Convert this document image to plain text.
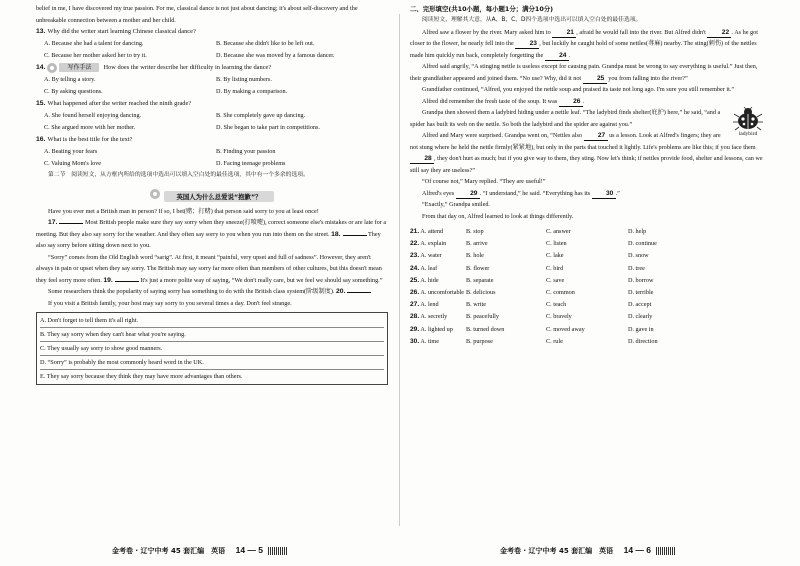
belief in me, I have discovered my true passion. For me, classical dance is not just about dancing; it's about self-discovery and the unbreakable connection between a mother and her child.

13. Why did the writer start learning Chinese classical dance?

A. Because she had a talent for dancing.	B. Because she didn't like to be left out.
C. Because her mother asked her to try it.	D. Because she was moved by a famous dancer.

14.	写作手法	How does the writer describe her difficulty in learning the dance?

A. By telling a story.	B. By listing numbers.
C. By asking questions.	D. By making a comparison.

15. What happened after the writer reached the ninth grade?

A. She found herself enjoying dancing.	B. She completely gave up dancing.
C. She argued more with her mother.	D. She began to take part in competitions.

16. What is the best title for the text?

A. Beating your fears	B. Finding your passion
C. Valuing Mom's love	D. Facing teenage problems

第二节　阅读短文，从方框内所给的选项中选出可以填入空白处的最佳选项，其中有一个多余的选项。

英国人为什么总爱说“抱歉”？

Have you ever met a British man in person? If so, I bet(赌；打赌) that person said sorry to you at least once!

17.	Most British people make sure they say sorry when they sneeze(打喷嚏), correct someone else's mistakes or are late for a meeting. But they also say sorry for the weather. And they often say sorry to you when you run into them on the street. 18.	They also say sorry before sitting down next to you.

“Sorry” comes from the Old English word “sarig”. At first, it meant “painful, very upset and full of sadness”. However, they aren't always in pain or upset when they say sorry. The British may say sorry far more often than members of other cultures, but this doesn't mean they feel sorry more often. 19.	It's just a more polite way of saying, “We don't really care, but we feel we should say something.”

Some researchers think the popularity of saying sorry has something to do with the British class system(阶级制度). 20.

If you visit a British family, your host may say sorry to you several times a day. Don't feel strange.

A. Don't forget to tell them it's all right.
B. They say sorry when they can't hear what you're saying.
C. They usually say sorry to show good manners.
D. “Sorry” is probably the most commonly heard word in the UK.
E. They say sorry because they think they may have more advantages than others.

二、完形填空(共10小题，每小题1分；满分10分)

阅读短文，理解其大意，从A、B、C、D四个选项中选出可以填入空白处的最佳选项。

Alfred saw a flower by the river. Mary asked him to 21 , afraid he would fall into the river. But Alfred didn't 22 . As he got closer to the flower, he nearly fell into the 23 , but luckily he caught hold of some nettles(荨麻) nearby. The sting(刺伤) of the nettles made him quickly run back, completely forgetting the 24 .

Alfred said angrily, “A stinging nettle is useless except for causing pain. Grandpa must be wrong to say everything is useful.” Just then, their grandfather appeared and joined them. “No use? Why, did it not 25 you from falling into the river?”

Grandfather continued, “Alfred, you enjoyed the nettle soup and praised its taste not long ago. I'm sure you still remember it.”

Alfred did remember the fresh taste of the soup. It was 26 .

ladybird

Grandpa then showed them a ladybird hiding under a nettle leaf. “The ladybird finds shelter(庇护) here,” he said, “and a spider has built its web on the nettle. So both the ladybird and the spider are against you.”

Alfred and Mary were surprised. Grandpa went on, “Nettles also 27 us a lesson. Look at Alfred's fingers; they are not stung where he held the nettle firmly(紧紧地), but only in the parts that touched it lightly. Life's problems are like this; if you face them 28 , they don't hurt as much; but if you give way to them, they sting. Now let's think; if nettles provide food, shelter and lessons, can we still say they are useless?”

“Of course not,” Mary replied. “They are useful!”

Alfred's eyes 29 . “I understand,” he said. “Everything has its 30 .”

“Exactly,” Grandpa smiled.

From that day on, Alfred learned to look at things differently.

21. A. attend	B. stop	C. answer	D. help
22. A. explain	B. arrive	C. listen	D. continue
23. A. water	B. hole	C. lake	D. snow
24. A. leaf	B. flower	C. bird	D. tree
25. A. hide	B. separate	C. save	D. borrow
26. A. uncomfortable B. delicious	C. common	D. terrible
27. A. lend	B. write	C. teach	D. accept
28. A. secretly	B. peacefully	C. bravely	D. clearly
29. A. lighted up	B. turned down	C. moved away	D. gave in
30. A. time	B. purpose	C. rule	D. direction
金考卷 · 辽宁中考 45 套汇编　英语 14 — 5	金考卷 · 辽宁中考 45 套汇编　英语 14 — 6
